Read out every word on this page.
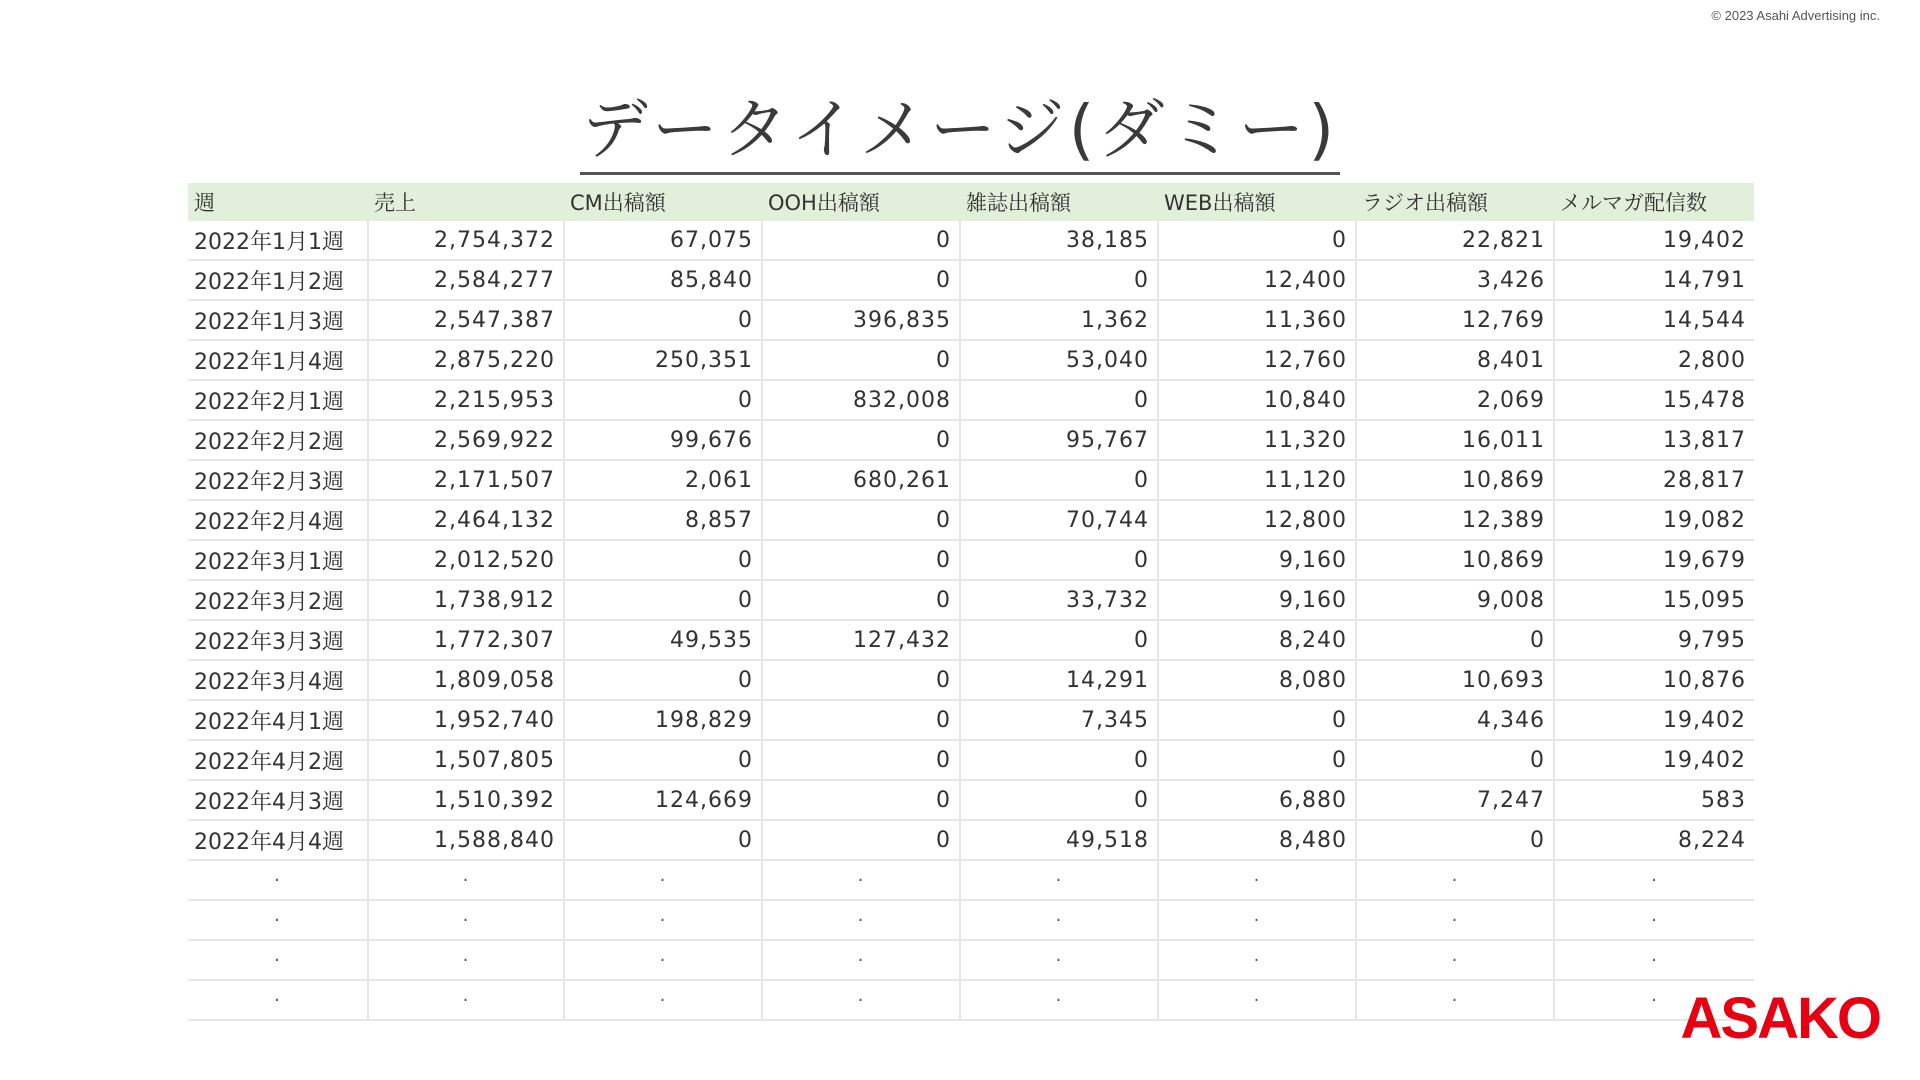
© 2023 Asahi Advertising inc.
データイメージ(ダミー)
週	売上	CM出稿額	OOH出稿額	雑誌出稿額	WEB出稿額	ラジオ出稿額	メルマガ配信数
2022年1月1週	2,754,372	67,075	0	38,185	0	22,821	19,402
2022年1月2週	2,584,277	85,840	0	0	12,400	3,426	14,791
2022年1月3週	2,547,387	0	396,835	1,362	11,360	12,769	14,544
2022年1月4週	2,875,220	250,351	0	53,040	12,760	8,401	2,800
2022年2月1週	2,215,953	0	832,008	0	10,840	2,069	15,478
2022年2月2週	2,569,922	99,676	0	95,767	11,320	16,011	13,817
2022年2月3週	2,171,507	2,061	680,261	0	11,120	10,869	28,817
2022年2月4週	2,464,132	8,857	0	70,744	12,800	12,389	19,082
2022年3月1週	2,012,520	0	0	0	9,160	10,869	19,679
2022年3月2週	1,738,912	0	0	33,732	9,160	9,008	15,095
2022年3月3週	1,772,307	49,535	127,432	0	8,240	0	9,795
2022年3月4週	1,809,058	0	0	14,291	8,080	10,693	10,876
2022年4月1週	1,952,740	198,829	0	7,345	0	4,346	19,402
2022年4月2週	1,507,805	0	0	0	0	0	19,402
2022年4月3週	1,510,392	124,669	0	0	6,880	7,247	583
2022年4月4週	1,588,840	0	0	49,518	8,480	0	8,224
·	·	·	·	·	·	·	·
·	·	·	·	·	·	·	·
·	·	·	·	·	·	·	·
·	·	·	·	·	·	·	· ASAKO
